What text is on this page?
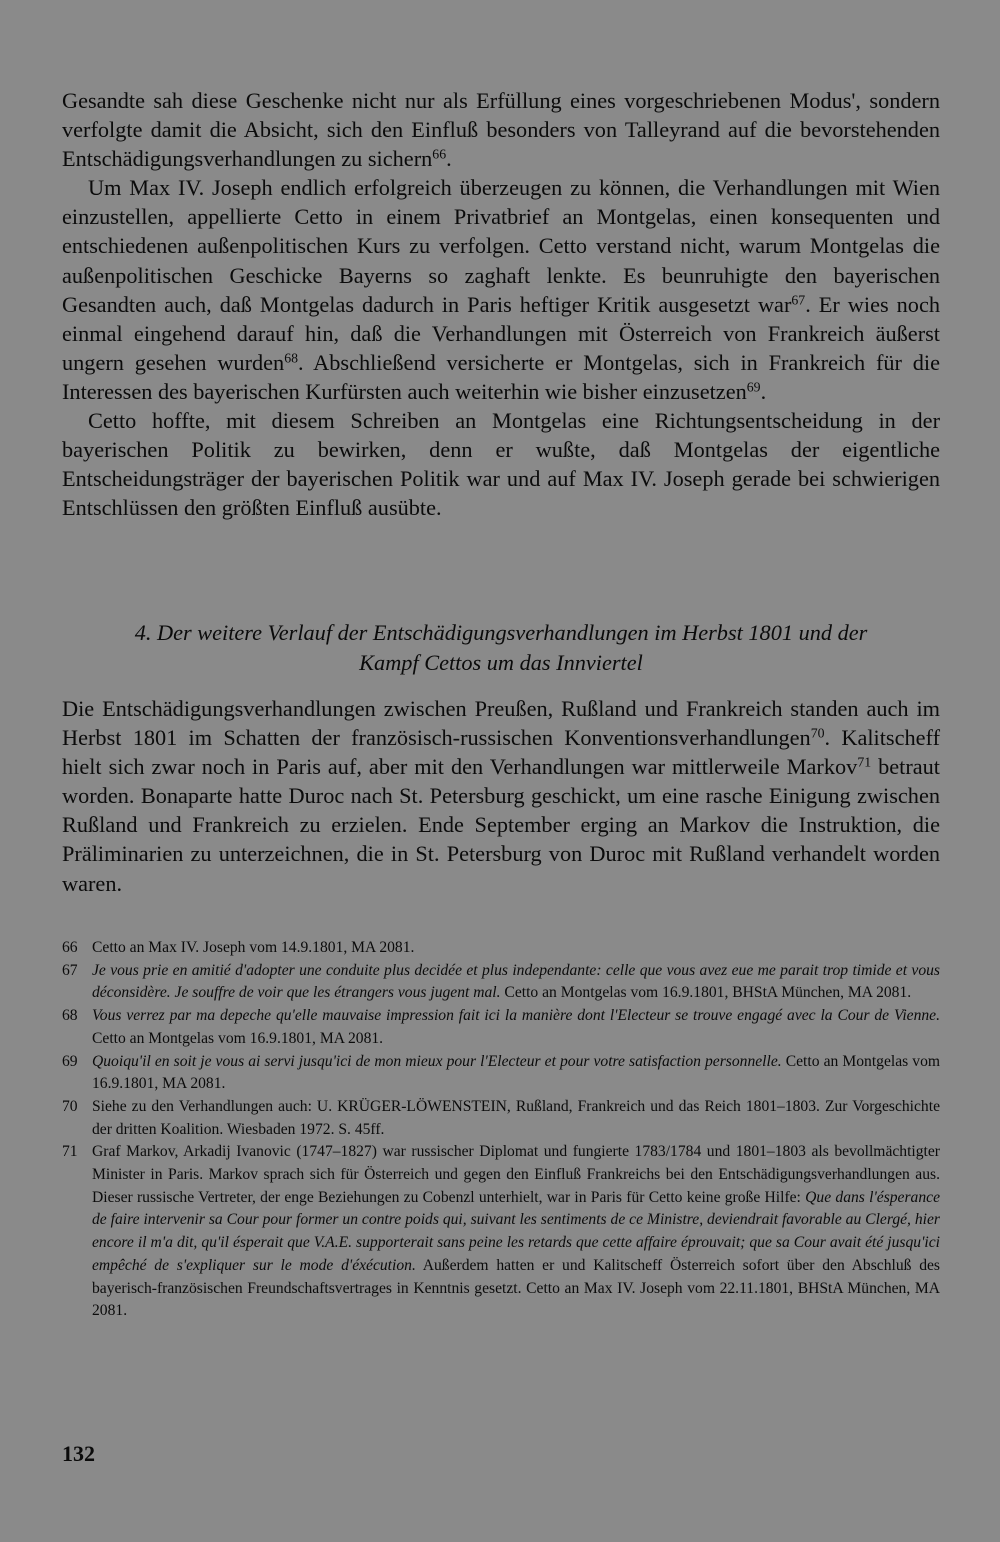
Gesandte sah diese Geschenke nicht nur als Erfüllung eines vorgeschriebenen Modus', sondern verfolgte damit die Absicht, sich den Einfluß besonders von Talleyrand auf die bevorstehenden Entschädigungsverhandlungen zu sichern$^{66}$.

Um Max IV. Joseph endlich erfolgreich überzeugen zu können, die Verhandlungen mit Wien einzustellen, appellierte Cetto in einem Privatbrief an Montgelas, einen konsequenten und entschiedenen außenpolitischen Kurs zu verfolgen. Cetto verstand nicht, warum Montgelas die außenpolitischen Geschicke Bayerns so zaghaft lenkte. Es beunruhigte den bayerischen Gesandten auch, daß Montgelas dadurch in Paris heftiger Kritik ausgesetzt war$^{67}$. Er wies noch einmal eingehend darauf hin, daß die Verhandlungen mit Österreich von Frankreich äußerst ungern gesehen wurden$^{68}$. Abschließend versicherte er Montgelas, sich in Frankreich für die Interessen des bayerischen Kurfürsten auch weiterhin wie bisher einzusetzen$^{69}$.

Cetto hoffte, mit diesem Schreiben an Montgelas eine Richtungsentscheidung in der bayerischen Politik zu bewirken, denn er wußte, daß Montgelas der eigentliche Entscheidungsträger der bayerischen Politik war und auf Max IV. Joseph gerade bei schwierigen Entschlüssen den größten Einfluß ausübte.

4. Der weitere Verlauf der Entschädigungsverhandlungen im Herbst 1801 und der
Kampf Cettos um das Innviertel

Die Entschädigungsverhandlungen zwischen Preußen, Rußland und Frankreich standen auch im Herbst 1801 im Schatten der französisch-russischen Konventionsverhandlungen$^{70}$. Kalitscheff hielt sich zwar noch in Paris auf, aber mit den Verhandlungen war mittlerweile Markov$^{71}$ betraut worden. Bonaparte hatte Duroc nach St. Petersburg geschickt, um eine rasche Einigung zwischen Rußland und Frankreich zu erzielen. Ende September erging an Markov die Instruktion, die Präliminarien zu unterzeichnen, die in St. Petersburg von Duroc mit Rußland verhandelt worden waren.

66 Cetto an Max IV. Joseph vom 14.9.1801, MA 2081.
67 Je vous prie en amitié d'adopter une conduite plus decidée et plus independante: celle que vous avez eue me parait trop timide et vous déconsidère. Je souffre de voir que les étrangers vous jugent mal. Cetto an Montgelas vom 16.9.1801, BHStA München, MA 2081.
68 Vous verrez par ma depeche qu'elle mauvaise impression fait ici la manière dont l'Electeur se trouve engagé avec la Cour de Vienne. Cetto an Montgelas vom 16.9.1801, MA 2081.
69 Quoiqu'il en soit je vous ai servi jusqu'ici de mon mieux pour l'Electeur et pour votre satisfaction personnelle. Cetto an Montgelas vom 16.9.1801, MA 2081.
70 Siehe zu den Verhandlungen auch: U. KRÜGER-LÖWENSTEIN, Rußland, Frankreich und das Reich 1801–1803. Zur Vorgeschichte der dritten Koalition. Wiesbaden 1972. S. 45ff.
71 Graf Markov, Arkadij Ivanovic (1747–1827) war russischer Diplomat und fungierte 1783/1784 und 1801–1803 als bevollmächtigter Minister in Paris. Markov sprach sich für Österreich und gegen den Einfluß Frankreichs bei den Entschädigungsverhandlungen aus. Dieser russische Vertreter, der enge Beziehungen zu Cobenzl unterhielt, war in Paris für Cetto keine große Hilfe: Que dans l'ésperance de faire intervenir sa Cour pour former un contre poids qui, suivant les sentiments de ce Ministre, deviendrait favorable au Clergé, hier encore il m'a dit, qu'il ésperait que V.A.E. supporterait sans peine les retards que cette affaire éprouvait; que sa Cour avait été jusqu'ici empêché de s'expliquer sur le mode d'éxécution. Außerdem hatten er und Kalitscheff Österreich sofort über den Abschluß des bayerisch-französischen Freundschaftsvertrages in Kenntnis gesetzt. Cetto an Max IV. Joseph vom 22.11.1801, BHStA München, MA 2081.
132
